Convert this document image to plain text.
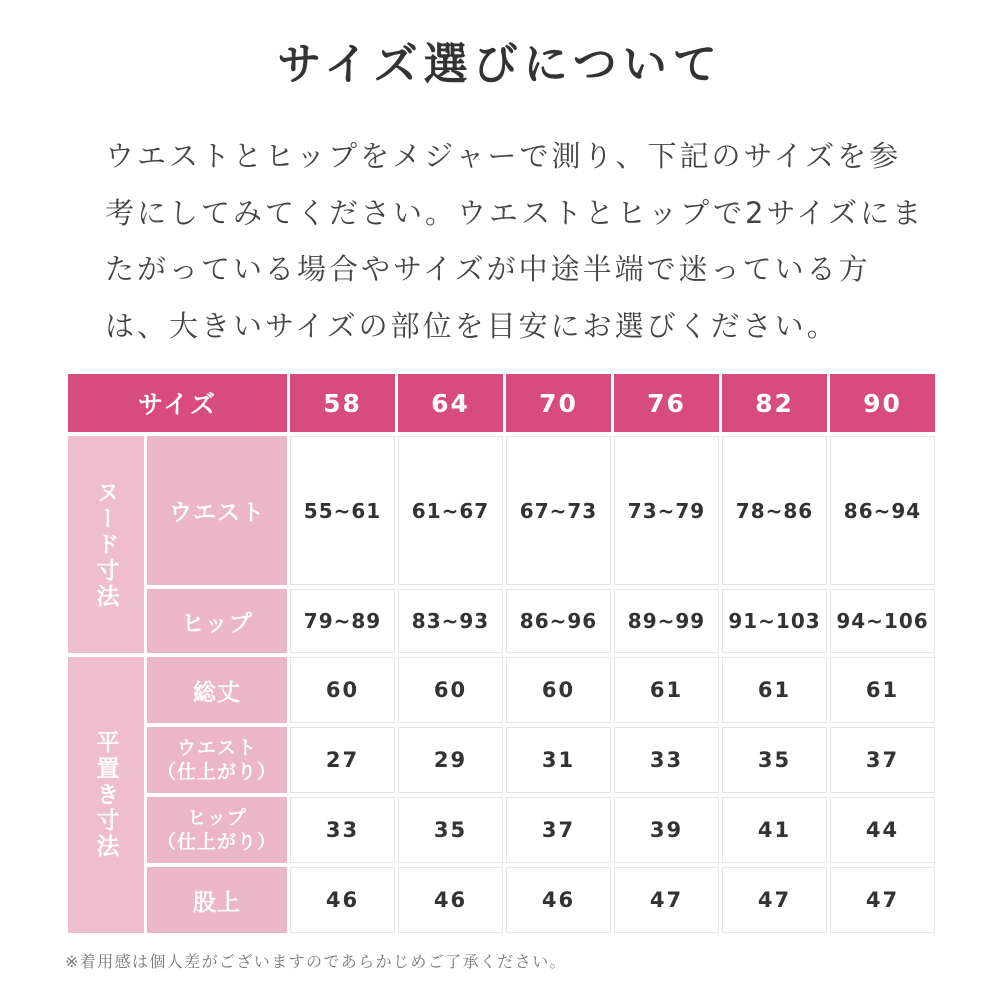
サイズ選びについて
ウエストとヒップをメジャーで測り、下記のサイズを参
考にしてみてください。ウエストとヒップで2サイズにま
たがっている場合やサイズが中途半端で迷っている方
は、大きいサイズの部位を目安にお選びください。
ヌード寸法
平置き寸法
サイズ	58	64	70	76	82	90
ウエスト	55~61	61~67	67~73	73~79	78~86	86~94
ヒップ	79~89	83~93	86~96	89~99	91~103 94~106
総丈	60	60	60	61	61	61
ウエスト
（仕上がり）	27	29	31	33	35	37
ヒップ
（仕上がり）	33	35	37	39	41	44
股上	46	46	46	47	47	47
※着用感は個人差がございますのであらかじめご了承ください。
